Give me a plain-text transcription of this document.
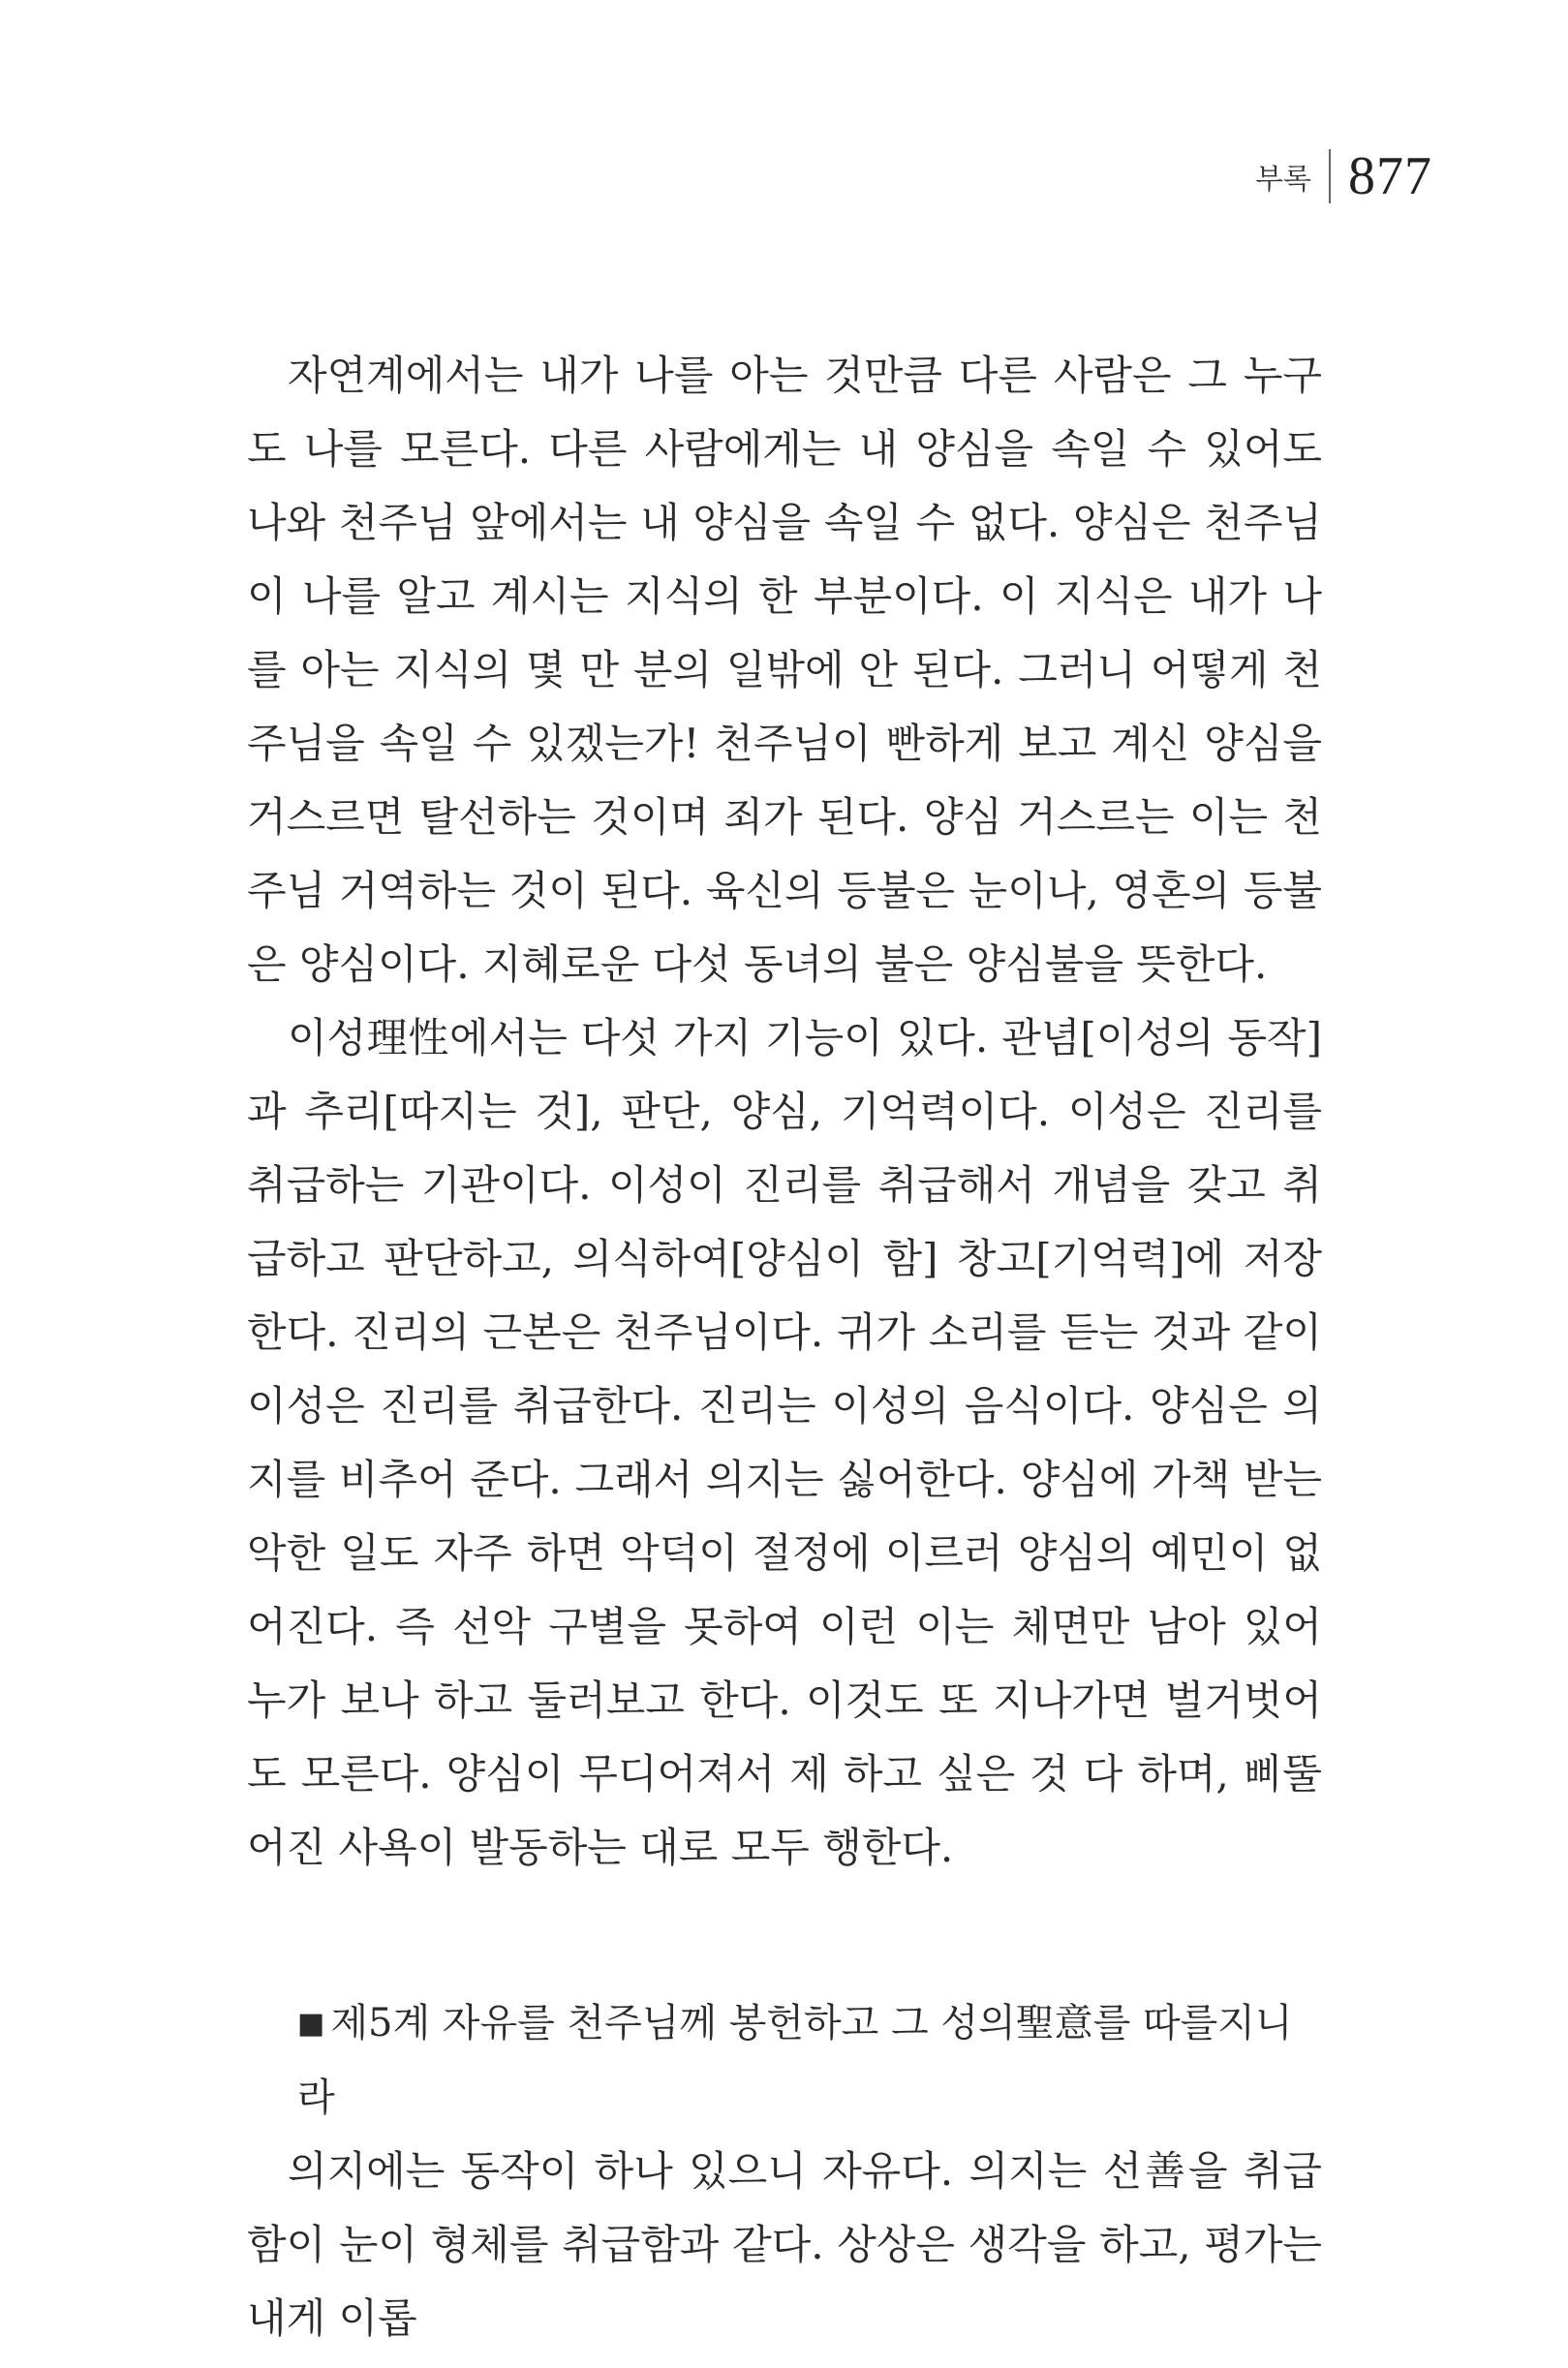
부록 877

자연계에서는 내가 나를 아는 것만큼 다른 사람은 그 누구도 나를 모른다. 다른 사람에게는 내 양심을 속일 수 있어도 나와 천주님 앞에서는 내 양심을 속일 수 없다. 양심은 천주님이 나를 알고 계시는 지식의 한 부분이다. 이 지식은 내가 나를 아는 지식의 몇 만 분의 일밖에 안 된다. 그러니 어떻게 천주님을 속일 수 있겠는가! 천주님이 빤하게 보고 계신 양심을 거스르면 탈선하는 것이며 죄가 된다. 양심 거스르는 이는 천주님 거역하는 것이 된다. 육신의 등불은 눈이나, 영혼의 등불은 양심이다. 지혜로운 다섯 동녀의 불은 양심불을 뜻한다.

이성理性에서는 다섯 가지 기능이 있다. 관념[이성의 동작]과 추리[따지는 것], 판단, 양심, 기억력이다. 이성은 진리를 취급하는 기관이다. 이성이 진리를 취급해서 개념을 갖고 취급하고 판단하고, 의식하여[양심이 함] 창고[기억력]에 저장한다. 진리의 근본은 천주님이다. 귀가 소리를 듣는 것과 같이 이성은 진리를 취급한다. 진리는 이성의 음식이다. 양심은 의지를 비추어 준다. 그래서 의지는 싫어한다. 양심에 가책 받는 악한 일도 자주 하면 악덕이 절정에 이르러 양심의 예민이 없어진다. 즉 선악 구별을 못하여 이런 이는 체면만 남아 있어 누가 보나 하고 둘러보고 한다. 이것도 또 지나가면 벌거벗어도 모른다. 양심이 무디어져서 제 하고 싶은 것 다 하며, 삐뚤어진 사욕이 발동하는 대로 모두 행한다.

■ 제5계 자유를 천주님께 봉헌하고 그 성의聖意를 따를지니라

의지에는 동작이 하나 있으니 자유다. 의지는 선善을 취급함이 눈이 형체를 취급함과 같다. 상상은 생각을 하고, 평가는 내게 이롭
